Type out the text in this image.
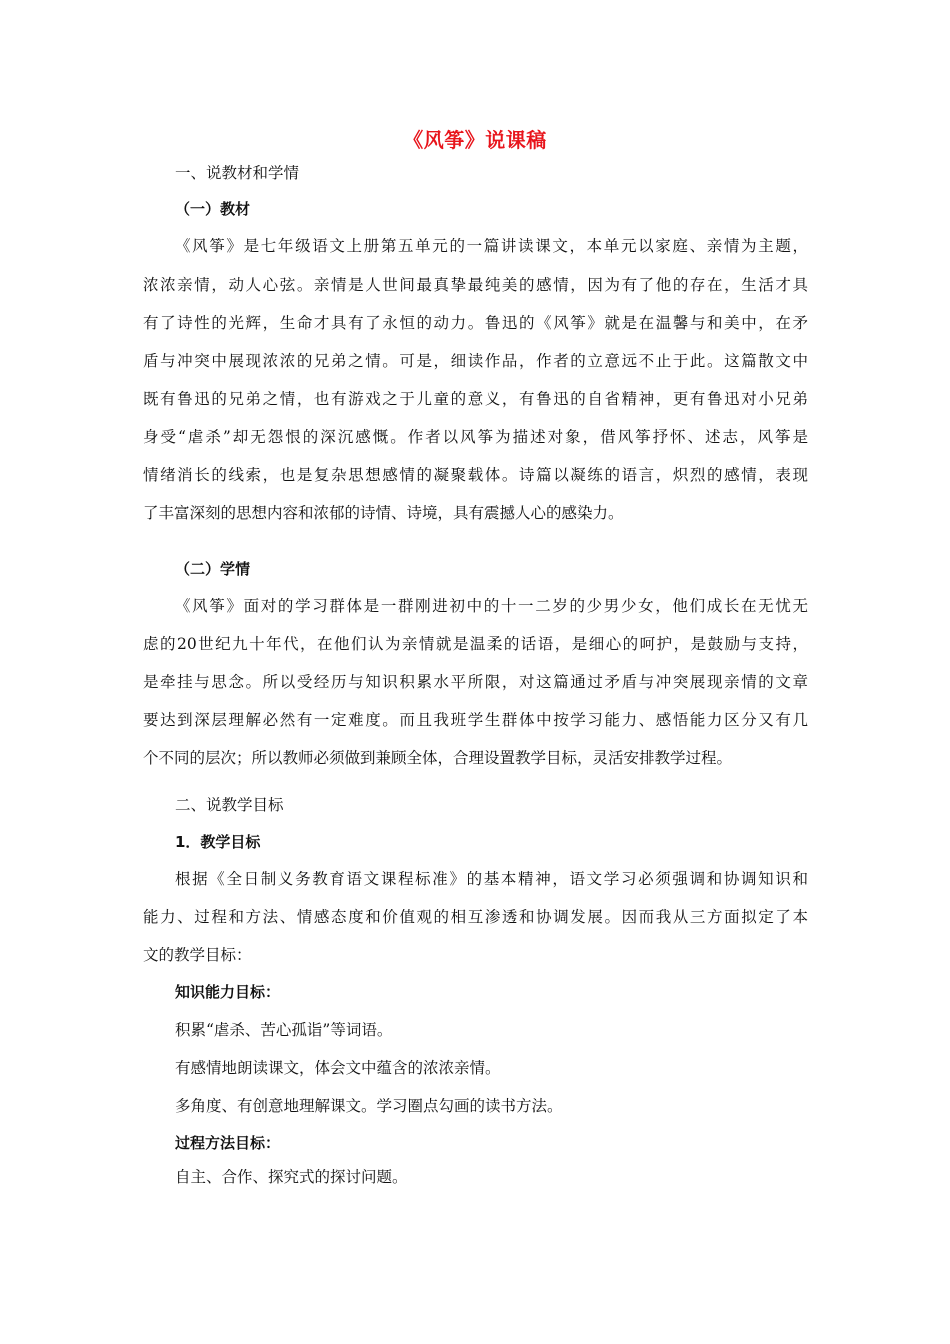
《风筝》说课稿
一、说教材和学情
（一）教材
《风筝》是七年级语文上册第五单元的一篇讲读课文，本单元以家庭、亲情为主题，
浓浓亲情，动人心弦。亲情是人世间最真挚最纯美的感情，因为有了他的存在，生活才具
有了诗性的光辉，生命才具有了永恒的动力。鲁迅的《风筝》就是在温馨与和美中，在矛
盾与冲突中展现浓浓的兄弟之情。可是，细读作品，作者的立意远不止于此。这篇散文中
既有鲁迅的兄弟之情，也有游戏之于儿童的意义，有鲁迅的自省精神，更有鲁迅对小兄弟
身受“虐杀”却无怨恨的深沉感慨。作者以风筝为描述对象，借风筝抒怀、述志，风筝是
情绪消长的线索，也是复杂思想感情的凝聚载体。诗篇以凝练的语言，炽烈的感情，表现
了丰富深刻的思想内容和浓郁的诗情、诗境，具有震撼人心的感染力。
（二）学情
《风筝》面对的学习群体是一群刚进初中的十一二岁的少男少女，他们成长在无忧无
虑的20世纪九十年代，在他们认为亲情就是温柔的话语，是细心的呵护，是鼓励与支持，
是牵挂与思念。所以受经历与知识积累水平所限，对这篇通过矛盾与冲突展现亲情的文章
要达到深层理解必然有一定难度。而且我班学生群体中按学习能力、感悟能力区分又有几
个不同的层次；所以教师必须做到兼顾全体，合理设置教学目标，灵活安排教学过程。
二、说教学目标
1．教学目标
根据《全日制义务教育语文课程标准》的基本精神，语文学习必须强调和协调知识和
能力、过程和方法、情感态度和价值观的相互渗透和协调发展。因而我从三方面拟定了本
文的教学目标：
知识能力目标：
积累“虐杀、苦心孤诣”等词语。
有感情地朗读课文，体会文中蕴含的浓浓亲情。
多角度、有创意地理解课文。学习圈点勾画的读书方法。
过程方法目标：
自主、合作、探究式的探讨问题。
